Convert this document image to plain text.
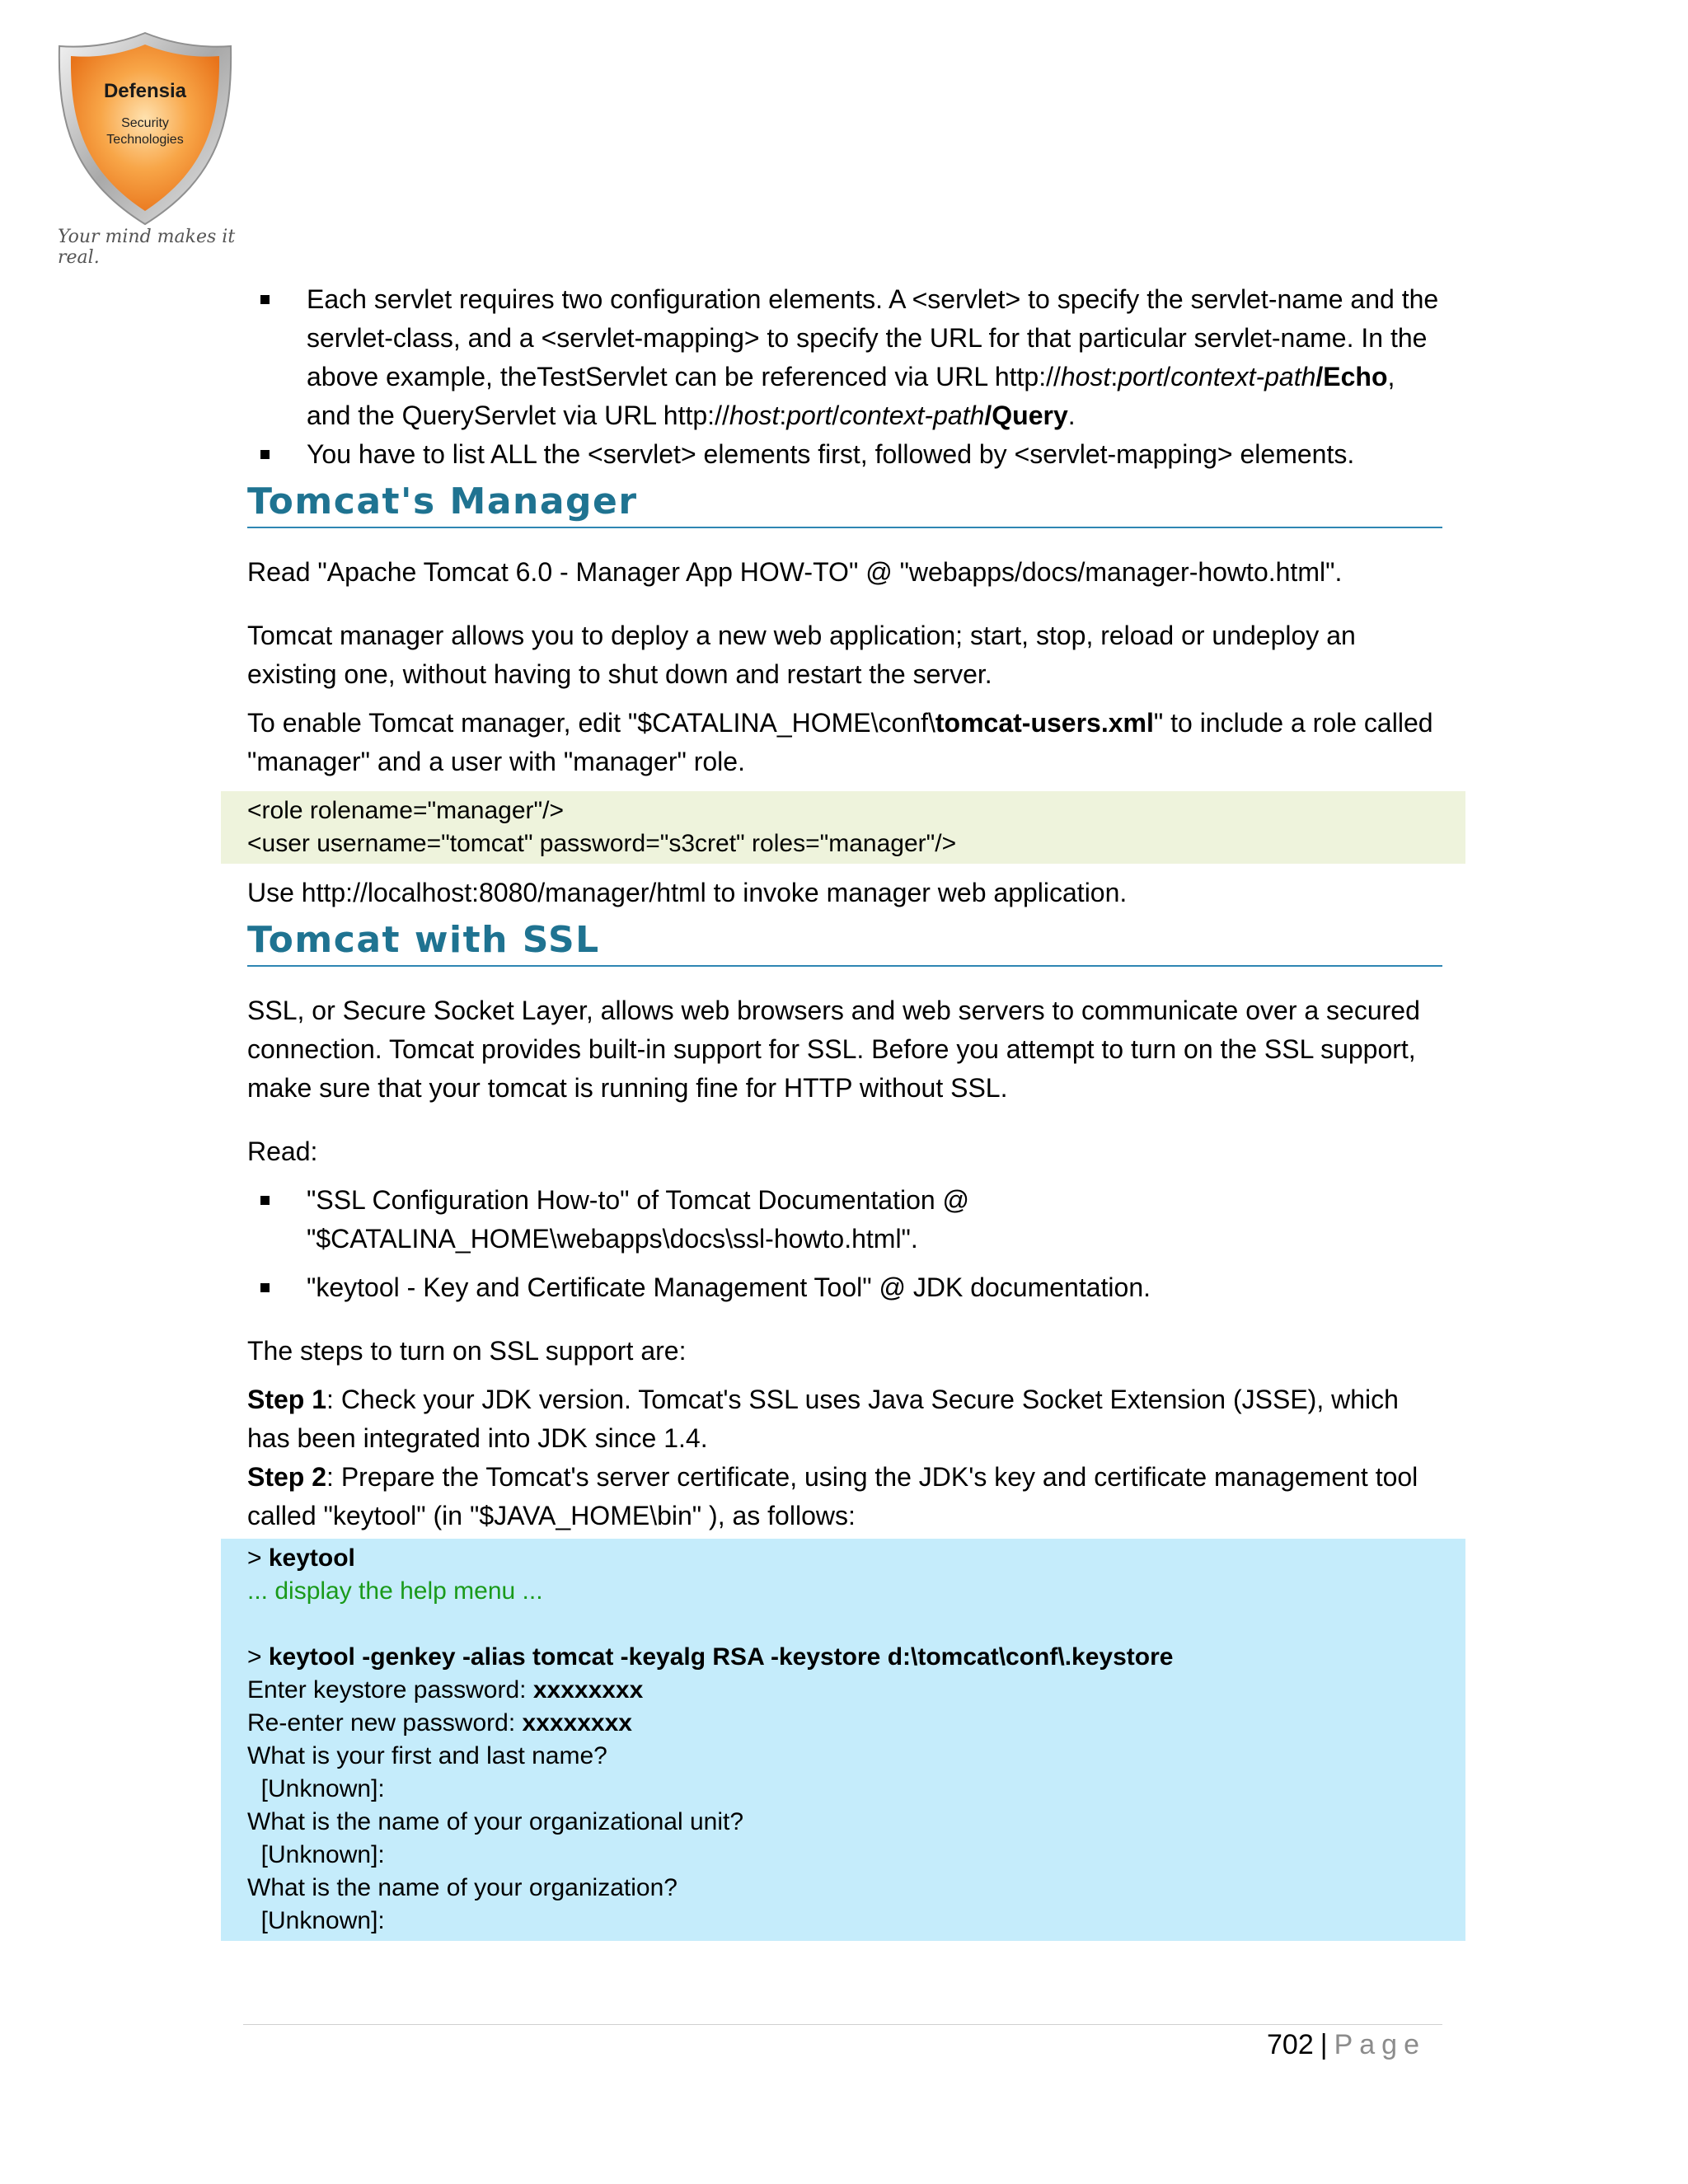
Defensia
Security
Technologies
Your mind makes it real.
Each servlet requires two configuration elements. A <servlet> to specify the servlet-name and the servlet-class, and a <servlet-mapping> to specify the URL for that particular servlet-name. In the above example, theTestServlet can be referenced via URL http://host:port/context-path/Echo, and the QueryServlet via URL http://host:port/context-path/Query.
You have to list ALL the <servlet> elements first, followed by <servlet-mapping> elements.
Tomcat's Manager

Read "Apache Tomcat 6.0 - Manager App HOW-TO" @ "webapps/docs/manager-howto.html".

Tomcat manager allows you to deploy a new web application; start, stop, reload or undeploy an existing one, without having to shut down and restart the server.

To enable Tomcat manager, edit "$CATALINA_HOME\conf\tomcat-users.xml" to include a role called "manager" and a user with "manager" role.

<role rolename="manager"/>
<user username="tomcat" password="s3cret" roles="manager"/>

Use http://localhost:8080/manager/html to invoke manager web application.

Tomcat with SSL

SSL, or Secure Socket Layer, allows web browsers and web servers to communicate over a secured connection. Tomcat provides built-in support for SSL. Before you attempt to turn on the SSL support, make sure that your tomcat is running fine for HTTP without SSL.

Read:

"SSL Configuration How-to" of Tomcat Documentation @ "$CATALINA_HOME\webapps\docs\ssl-howto.html".
"keytool - Key and Certificate Management Tool" @ JDK documentation.

The steps to turn on SSL support are:

Step 1: Check your JDK version. Tomcat's SSL uses Java Secure Socket Extension (JSSE), which has been integrated into JDK since 1.4.

Step 2: Prepare the Tomcat's server certificate, using the JDK's key and certificate management tool called "keytool" (in "$JAVA_HOME\bin" ), as follows:

> keytool
... display the help menu ...
> keytool -genkey -alias tomcat -keyalg RSA -keystore d:\tomcat\conf\.keystore
Enter keystore password: xxxxxxxx
Re-enter new password: xxxxxxxx
What is your first and last name?
[Unknown]:
What is the name of your organizational unit?
[Unknown]:
What is the name of your organization?
[Unknown]:
702 | Page
